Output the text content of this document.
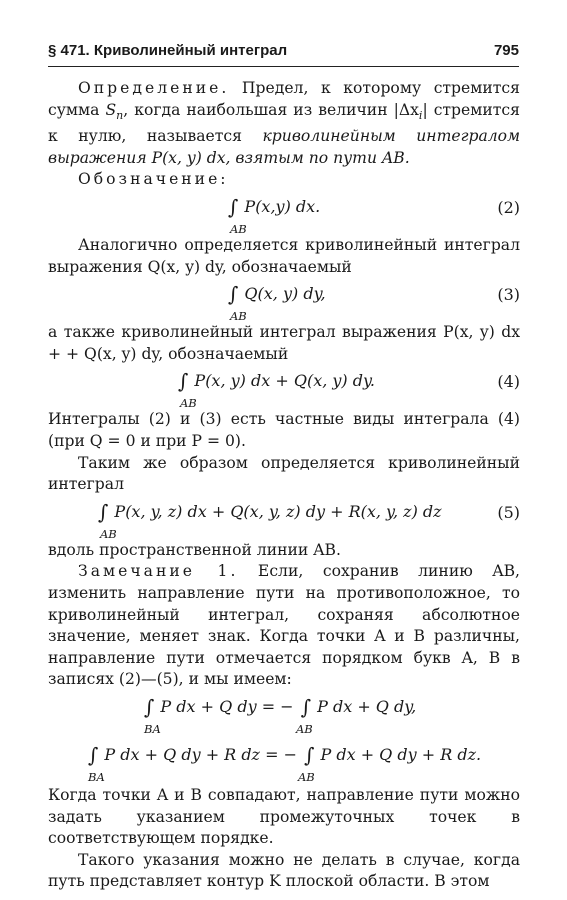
§ 471. Криволинейный интеграл	795

Определение. Предел, к которому стремится сумма $S_n$, когда наибольшая из величин $|\Delta x_i|$ стремится к нулю, называется криволинейным интегралом выражения P(x, y) dx, взятым по пути AB.

Обозначение:

∫ P(x,y) dx.
AB
(2)

Аналогично определяется криволинейный интеграл выражения Q(x, y) dy, обозначаемый

∫ Q(x, y) dy,
AB
(3)

а также криволинейный интеграл выражения P(x, y) dx + + Q(x, y) dy, обозначаемый

∫ P(x, y) dx + Q(x, y) dy.
AB
(4)

Интегралы (2) и (3) есть частные виды интеграла (4) (при Q = 0 и при P = 0).

Таким же образом определяется криволинейный интеграл

∫ P(x, y, z) dx + Q(x, y, z) dy + R(x, y, z) dz
AB
(5)

вдоль пространственной линии AB.

Замечание 1. Если, сохранив линию AB, изменить направление пути на противоположное, то криволинейный интеграл, сохраняя абсолютное значение, меняет знак. Когда точки A и B различны, направление пути отмечается порядком букв A, B в записях (2)—(5), и мы имеем:

∫ P dx + Q dy = − ∫ P dx + Q dy,
BA	AB
∫ P dx + Q dy + R dz = − ∫ P dx + Q dy + R dz.
BA	AB

Когда точки A и B совпадают, направление пути можно задать указанием промежуточных точек в соответствующем порядке.

Такого указания можно не делать в случае, когда путь представляет контур K плоской области. В этом
